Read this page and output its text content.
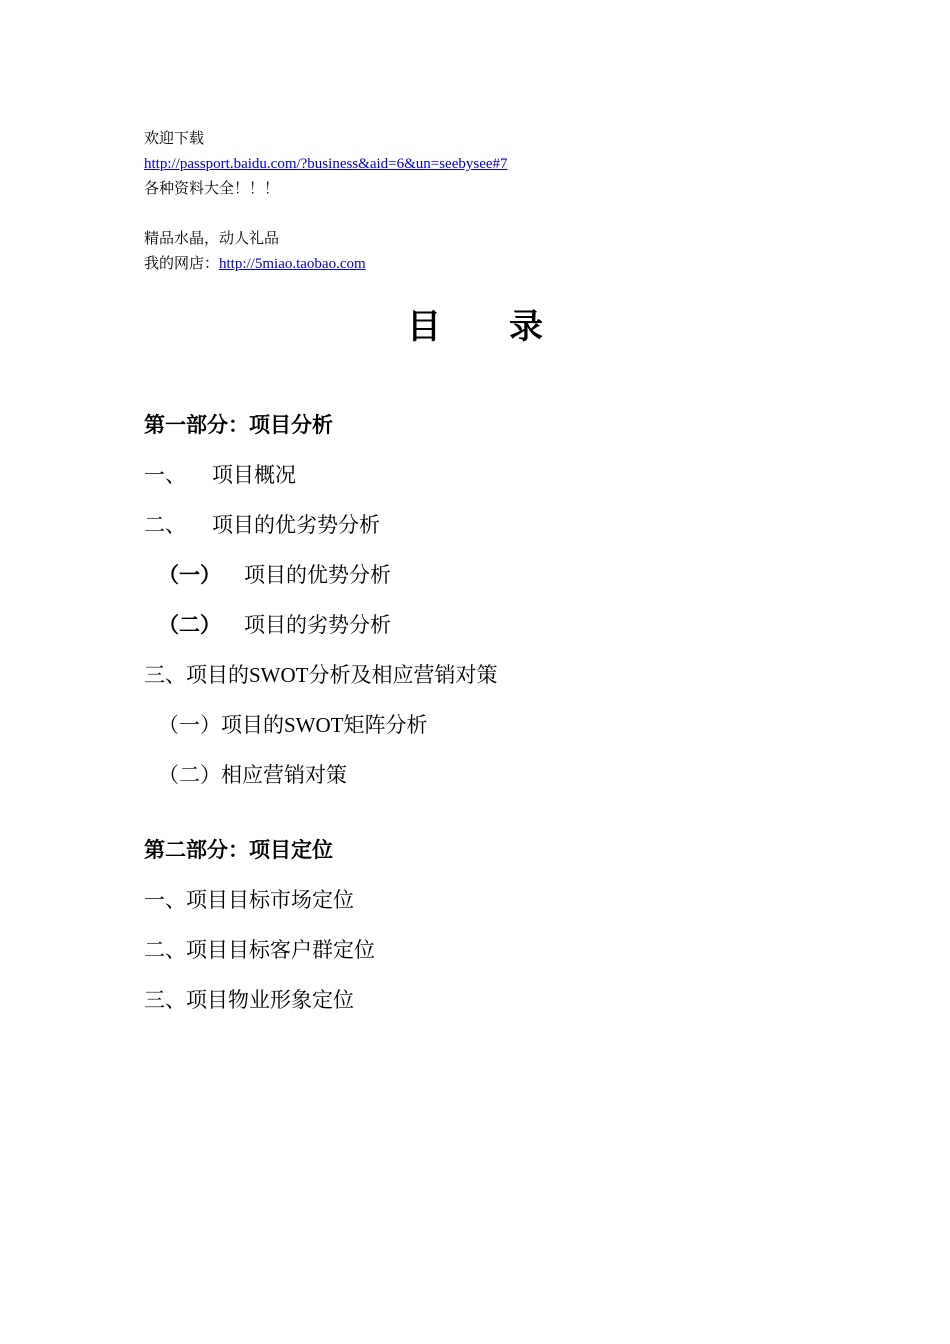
欢迎下载
http://passport.baidu.com/?business&aid=6&un=seebysee#7
各种资料大全！！！
精品水晶，动人礼品
我的网店：http://5miao.taobao.com
目录
第一部分：项目分析
一、 项目概况
二、 项目的优劣势分析
（一） 项目的优势分析
（二） 项目的劣势分析
三、项目的SWOT分析及相应营销对策
（一）项目的SWOT矩阵分析
（二）相应营销对策
第二部分：项目定位
一、项目目标市场定位
二、项目目标客户群定位
三、项目物业形象定位
